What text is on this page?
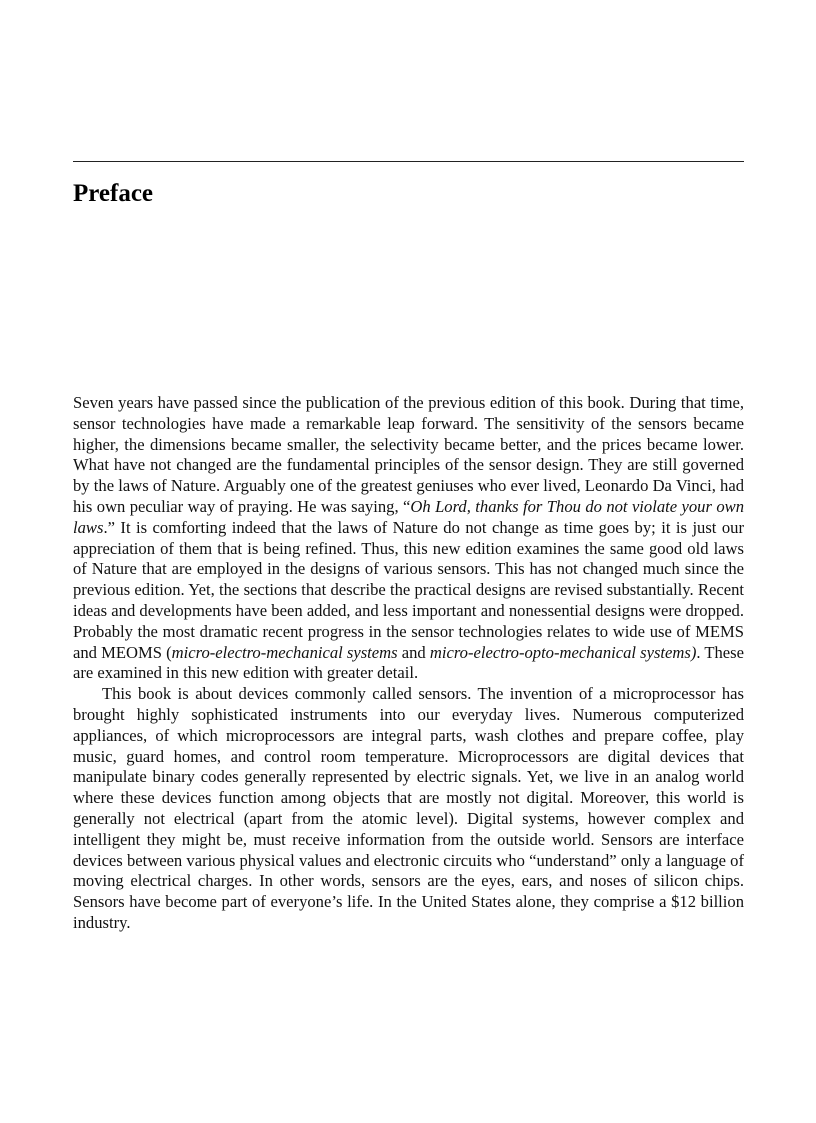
Preface

Seven years have passed since the publication of the previous edition of this book. During that time, sensor technologies have made a remarkable leap forward. The sensitivity of the sensors became higher, the dimensions became smaller, the selectivity became better, and the prices became lower. What have not changed are the fundamental principles of the sensor design. They are still governed by the laws of Nature. Arguably one of the greatest geniuses who ever lived, Leonardo Da Vinci, had his own peculiar way of praying. He was saying, “Oh Lord, thanks for Thou do not violate your own laws.” It is comforting indeed that the laws of Nature do not change as time goes by; it is just our appreciation of them that is being refined. Thus, this new edition examines the same good old laws of Nature that are employed in the designs of various sensors. This has not changed much since the previous edition. Yet, the sections that describe the practical designs are revised substantially. Recent ideas and developments have been added, and less important and nonessential designs were dropped. Probably the most dramatic recent progress in the sensor technologies relates to wide use of MEMS and MEOMS (micro-electro-mechanical systems and micro-electro-opto-mechanical systems). These are examined in this new edition with greater detail.

This book is about devices commonly called sensors. The invention of a microprocessor has brought highly sophisticated instruments into our everyday lives. Numerous computerized appliances, of which microprocessors are integral parts, wash clothes and prepare coffee, play music, guard homes, and control room temperature. Microprocessors are digital devices that manipulate binary codes generally represented by electric signals. Yet, we live in an analog world where these devices function among objects that are mostly not digital. Moreover, this world is generally not electrical (apart from the atomic level). Digital systems, however complex and intelligent they might be, must receive information from the outside world. Sensors are interface devices between various physical values and electronic circuits who “understand” only a language of moving electrical charges. In other words, sensors are the eyes, ears, and noses of silicon chips. Sensors have become part of everyone’s life. In the United States alone, they comprise a $12 billion industry.
